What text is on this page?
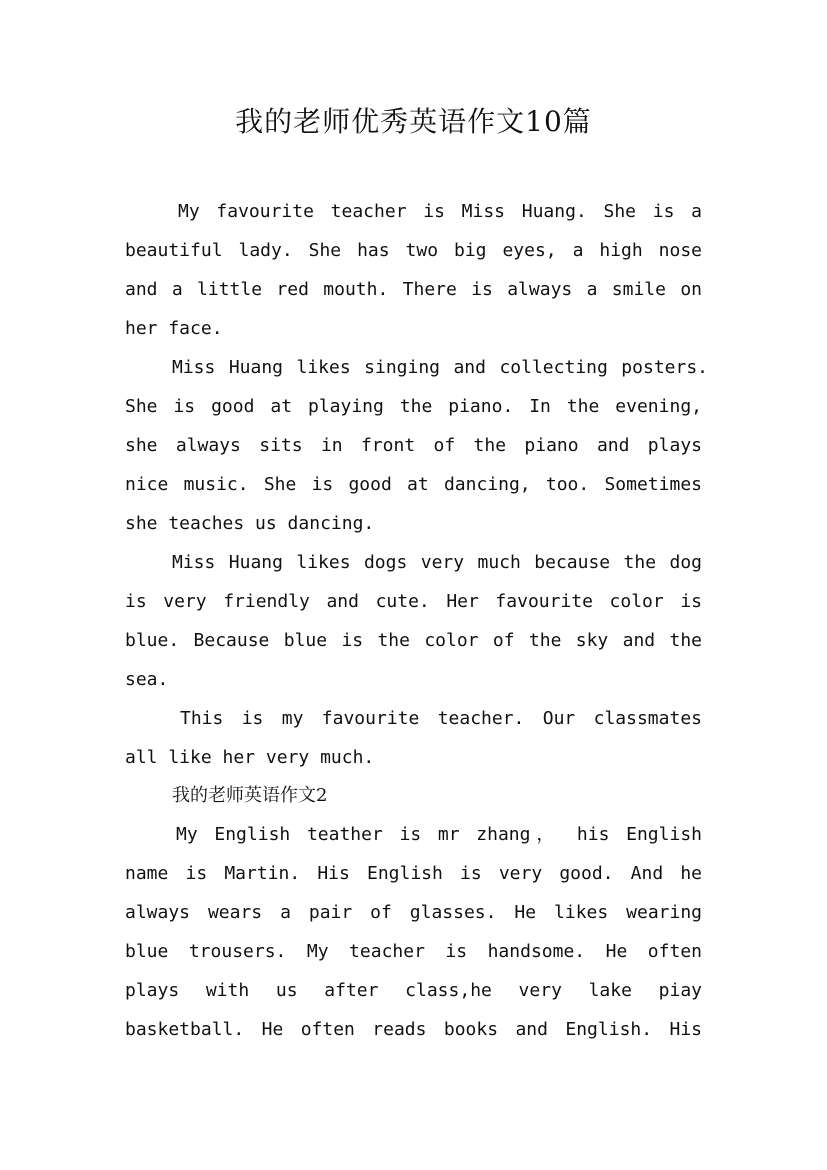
我的老师优秀英语作文10篇
My favourite teacher is Miss Huang. She is a
beautiful lady. She has two big eyes, a high nose
and a little red mouth. There is always a smile on
her face.
Miss Huang likes singing and collecting posters.
She is good at playing the piano. In the evening,
she always sits in front of the piano and plays
nice music. She is good at dancing, too. Sometimes
she teaches us dancing.
Miss Huang likes dogs very much because the dog
is very friendly and cute. Her favourite color is
blue. Because blue is the color of the sky and the
sea.
This is my favourite teacher. Our classmates
all like her very much.
我的老师英语作文2
My English teather is mr zhang， his English
name is Martin. His English is very good. And he
always wears a pair of glasses. He likes wearing
blue trousers. My teacher is handsome. He often
plays with us after class,he very lake piay
basketball. He often reads books and English. His
